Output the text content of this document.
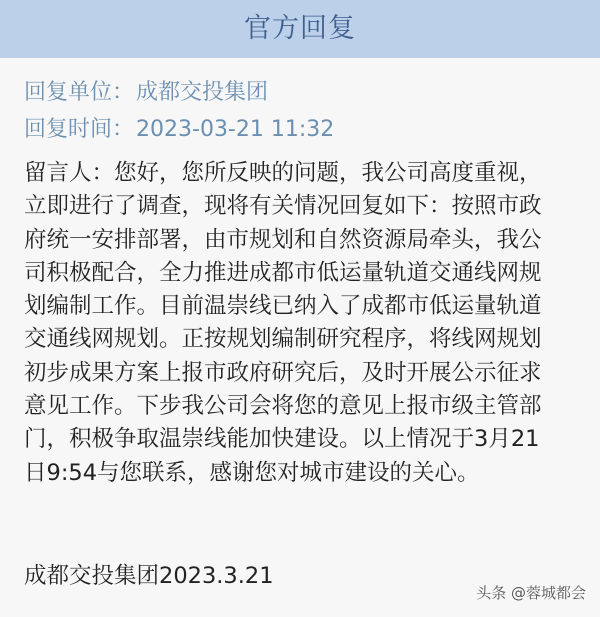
官方回复
回复单位：成都交投集团
回复时间：2023-03-21 11:32
留言人：您好，您所反映的问题，我公司高度重视，
立即进行了调查，现将有关情况回复如下：按照市政
府统一安排部署，由市规划和自然资源局牵头，我公
司积极配合，全力推进成都市低运量轨道交通线网规
划编制工作。目前温崇线已纳入了成都市低运量轨道
交通线网规划。正按规划编制研究程序，将线网规划
初步成果方案上报市政府研究后，及时开展公示征求
意见工作。下步我公司会将您的意见上报市级主管部
门，积极争取温崇线能加快建设。以上情况于3月21
日9:54与您联系，感谢您对城市建设的关心。
成都交投集团2023.3.21
头条 @蓉城都会
